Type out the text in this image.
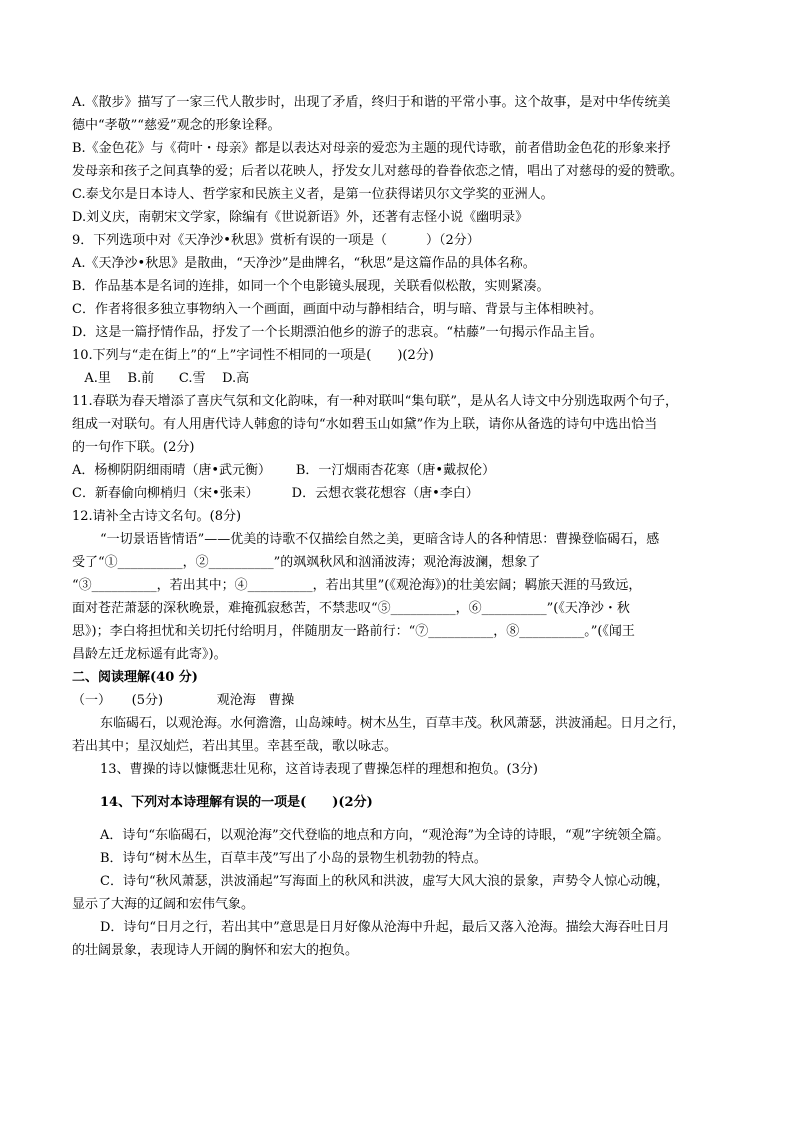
A.《散步》描写了一家三代人散步时，出现了矛盾，终归于和谐的平常小事。这个故事，是对中华传统美
德中“孝敬”“慈爱”观念的形象诠释。
B.《金色花》与《荷叶・母亲》都是以表达对母亲的爱恋为主题的现代诗歌，前者借助金色花的形象来抒
发母亲和孩子之间真挚的爱；后者以花映人，抒发女儿对慈母的眷眷依恋之情，唱出了对慈母的爱的赞歌。
C.泰戈尔是日本诗人、哲学家和民族主义者，是第一位获得诺贝尔文学奖的亚洲人。
D.刘义庆，南朝宋文学家，除编有《世说新语》外，还著有志怪小说《幽明录》
9．下列选项中对《天净沙•秋思》赏析有误的一项是（　　　）（2分）
A.《天净沙•秋思》是散曲，“天净沙”是曲牌名，“秋思”是这篇作品的具体名称。
B．作品基本是名词的连排，如同一个个电影镜头展现，关联看似松散，实则紧凑。
C．作者将很多独立事物纳入一个画面，画面中动与静相结合，明与暗、背景与主体相映衬。
D．这是一篇抒情作品，抒发了一个长期漂泊他乡的游子的悲哀。“枯藤”一句揭示作品主旨。
10.下列与“走在街上”的“上”字词性不相同的一项是(　　)(2分)
A.里    B.前      C.雪    D.高
11.春联为春天增添了喜庆气氛和文化韵味，有一种对联叫“集句联”，是从名人诗文中分别选取两个句子，
组成一对联句。有人用唐代诗人韩愈的诗句“水如碧玉山如黛”作为上联，请你从备选的诗句中选出恰当
的一句作下联。(2分)
A．杨柳阴阴细雨晴（唐•武元衡）      B．一汀烟雨杏花寒（唐•戴叔伦）
C．新春偷向柳梢归（宋•张耒）        D．云想衣裳花想容（唐•李白）
12.请补全古诗文名句。(8分)
“一切景语皆情语”——优美的诗歌不仅描绘自然之美，更暗含诗人的各种情思：曹操登临碣石，感
受了“①__________，②__________”的飒飒秋风和汹涌波涛；观沧海波澜，想象了
“③__________，若出其中；④__________，若出其里”(《观沧海》)的壮美宏阔；羁旅天涯的马致远，
面对苍茫萧瑟的深秋晚景，难掩孤寂愁苦，不禁悲叹“⑤__________，⑥__________”(《天净沙・秋
思》)；李白将担忧和关切托付给明月，伴随朋友一路前行：“⑦__________，⑧__________。”(《闻王
昌龄左迁龙标遥有此寄》)。
二、阅读理解(40 分)
（一）     (5分)             观沧海   曹操
东临碣石，以观沧海。水何澹澹，山岛竦峙。树木丛生，百草丰茂。秋风萧瑟，洪波涌起。日月之行，
若出其中；星汉灿烂，若出其里。幸甚至哉，歌以咏志。
13、曹操的诗以慷慨悲壮见称，这首诗表现了曹操怎样的理想和抱负。(3分)
14、下列对本诗理解有误的一项是(　　)(2分)
A．诗句“东临碣石，以观沧海”交代登临的地点和方向，“观沧海”为全诗的诗眼，“观”字统领全篇。
B．诗句“树木丛生，百草丰茂”写出了小岛的景物生机勃勃的特点。
C．诗句“秋风萧瑟，洪波涌起”写海面上的秋风和洪波，虚写大风大浪的景象，声势令人惊心动魄，
显示了大海的辽阔和宏伟气象。
D．诗句“日月之行，若出其中”意思是日月好像从沧海中升起，最后又落入沧海。描绘大海吞吐日月
的壮阔景象，表现诗人开阔的胸怀和宏大的抱负。
